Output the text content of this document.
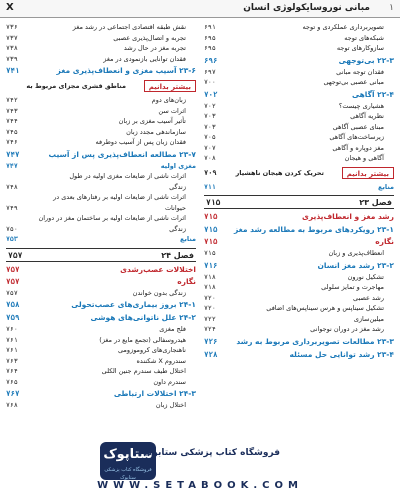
X	مبانی نوروسایکولوژی انسان ۱
تصویربرداری عملکردی و توجه
۶۹۱
شبکه‌های توجه
۶۹۵
سازوکارهای توجه
۶۹۵
۲۲-۳ بی‌توجهی
۶۹۶
فقدان توجه مبانی
۶۹۷
مبانی عصبی بی‌توجهی
۷۰۰
۲۲-۴ آگاهی
۷۰۲
هشیاری چیست؟
۷۰۲
نظریه آگاهی
۷۰۳
مبنای عصبی آگاهی
۷۰۳
زیرساخت‌های آگاهی
۷۰۵
مغز دوپاره و آگاهی
۷۰۷
آگاهی و هیجان
۷۰۸
بیشتر بدانیم
تحریک کردن هیجان ناهشیار
۷۰۹
منابع
۷۱۱
فصل ۲۳
۷۱۵
رشد مغز و انعطاف‌پذیری
۷۱۵
۲۳-۱ رویکردهای مربوط به مطالعه رشد مغز
۷۱۵
نگاره
۷۱۵
انعطاف‌پذیری و زبان
۷۱۵
۲۳-۲ رشد مغز انسان
۷۱۶
تشکیل نورون
۷۱۸
مهاجرت و تمایز سلولی
۷۱۸
رشد عصبی
۷۲۰
تشکیل سیناپس و هرس سیناپس‌های اضافی
۷۲۰
میلین‌سازی
۷۲۲
رشد مغز در دوران نوجوانی
۷۲۴
۲۳-۳ مطالعات تصویربرداری مربوط به رشد
۷۲۶
۲۳-۴ رشد توانایی حل مسئله
۷۲۸
نقش طبقه اقتصادی اجتماعی در رشد مغز
۷۳۶
تجربه و اتصال‌پذیری عصبی
۷۳۷
تجربه مغز در حال رشد
۷۳۸
فقدان توانایی بازنمودی در مغز
۷۳۹
۲۳-۶ آسیب مغزی و انعطاف‌پذیری مغز
۷۴۱
بیشتر بدانیم
مناطق قشری مجزای مربوط به
زبان‌های دوم
۷۴۲
اثرات سن
۷۴۳
تأثیر آسیب مغزی بر زبان
۷۴۴
سازماندهی مجدد زبان
۷۴۵
فقدان زبان پس از آسیب دوطرفه
۷۴۶
۲۳-۷ مطالعه انعطاف‌پذیری پس از آسیب
۷۴۷
مغزی اولیه
۷۴۷
اثرات ناشی از ضایعات مغزی اولیه در طول
زندگی
۷۴۸
اثرات ناشی از ضایعات اولیه بر رفتارهای بعدی در
حیوانات
۷۴۹
اثرات ناشی از ضایعات اولیه بر ساختمان مغز در دوران
زندگی
۷۵۰
منابع
۷۵۳
فصل ۲۴
۷۵۷
اختلالات عصب‌رشدی
۷۵۷
نگاره
۷۵۷
زندگی بدون خواندن
۷۵۷
۲۴-۱ بروز بیماری‌های عصب‌تحولی
۷۵۸
۲۴-۲ علل ناتوانی‌های هوشی
۷۵۹
فلج مغزی
۷۶۰
هیدروسفالی (تجمع مایع در مغز)
۷۶۱
ناهنجاری‌های کروموزومی
۷۶۱
سندروم X شکننده
۷۶۳
اختلال طیف سندرم جنین الکلی
۷۶۴
سندرم داون
۷۶۵
۲۴-۳ اختلالات ارتباطی
۷۶۷
اختلال زبان
۷۶۸
ستاپوک
فروشگاه کتاب پزشکی ستاپوک
فروشگاه کتاب پزشکی ستابوک
WWW.SETABOOK.COM
